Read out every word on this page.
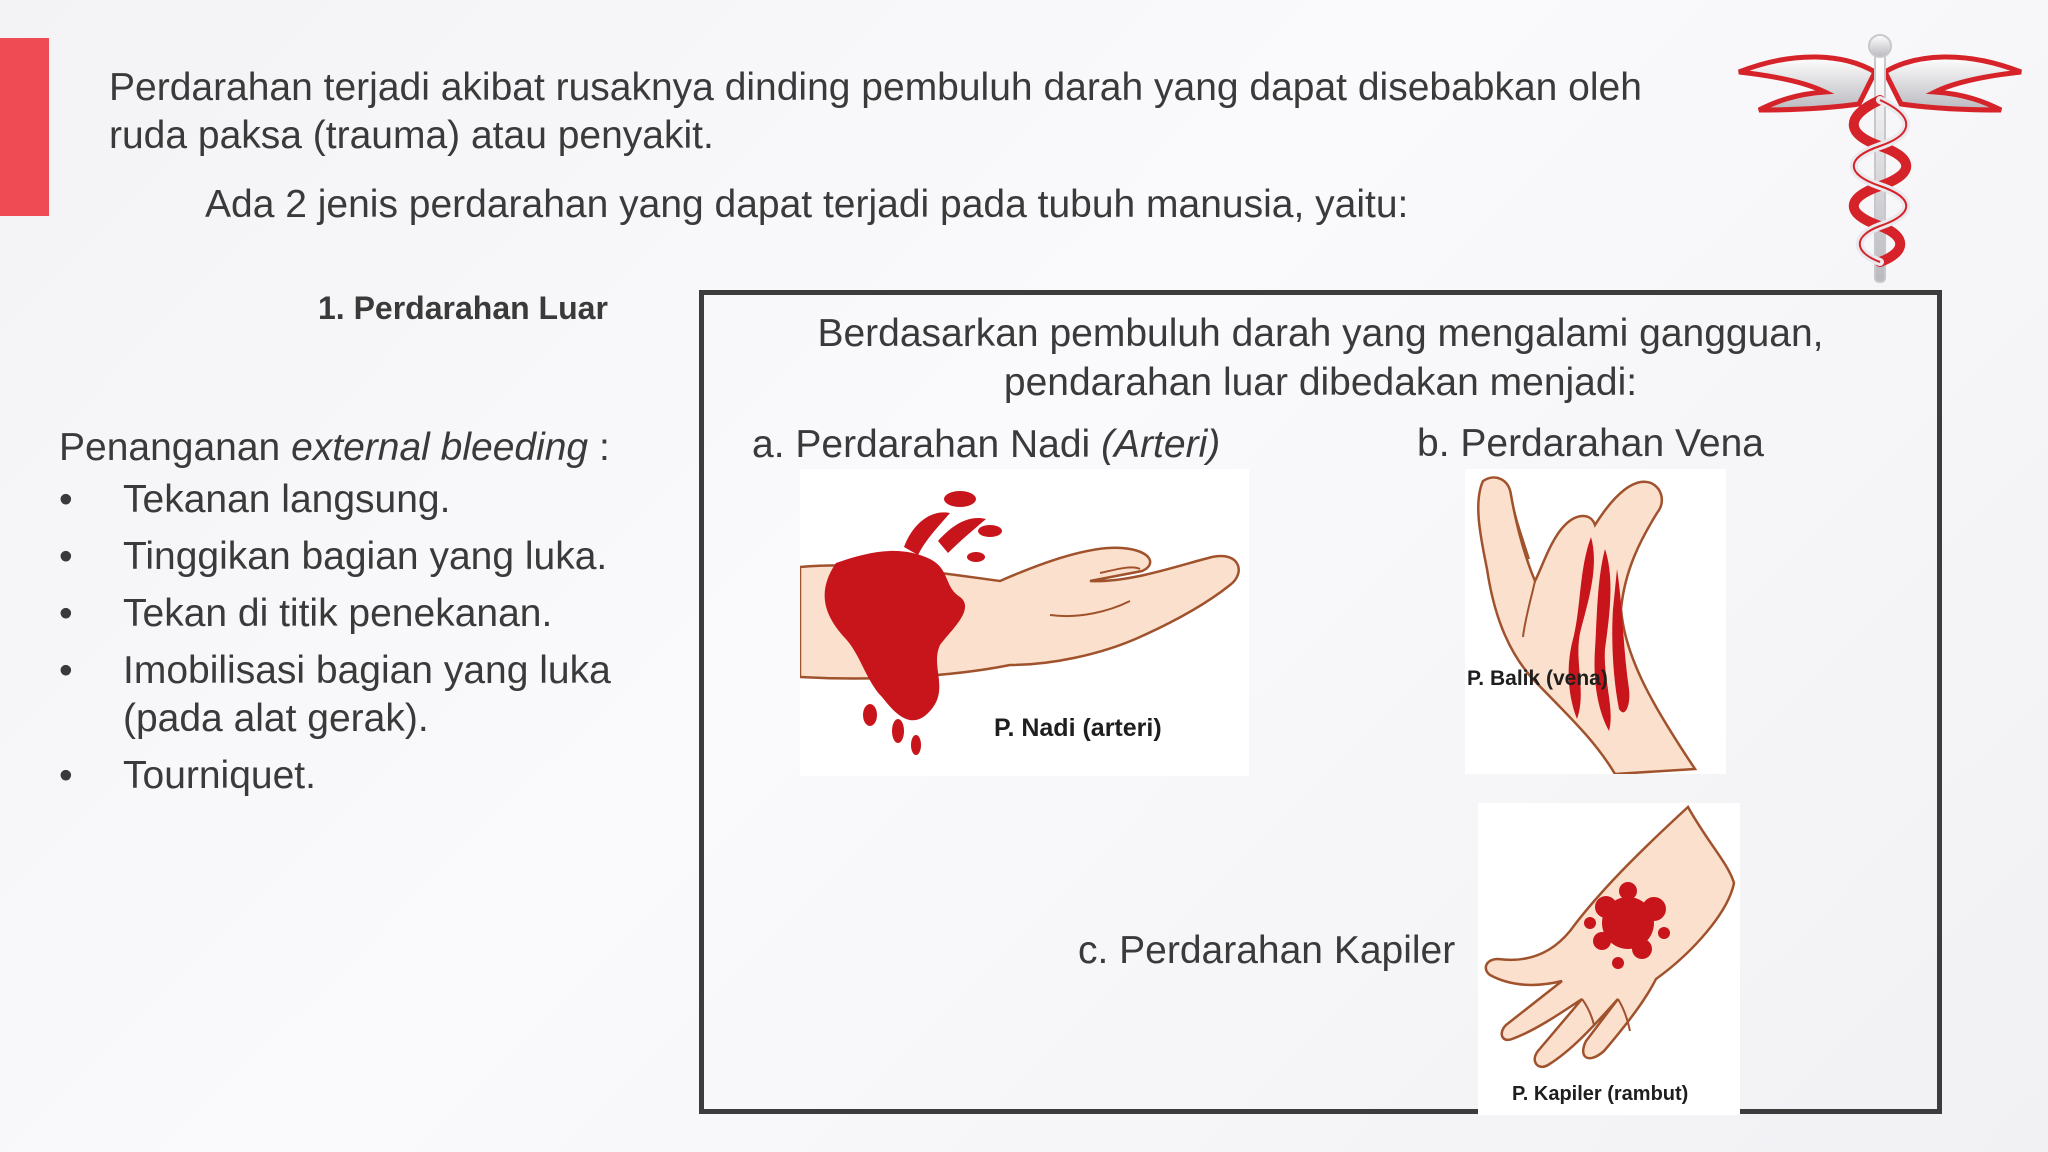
Perdarahan terjadi akibat rusaknya dinding pembuluh darah yang dapat disebabkan oleh ruda paksa (trauma) atau penyakit.

Ada 2 jenis perdarahan yang dapat terjadi pada tubuh manusia, yaitu:

1. Perdarahan Luar

Penanganan external bleeding :

• Tekanan langsung.
• Tinggikan bagian yang luka.
• Tekan di titik penekanan.
• Imobilisasi bagian yang luka (pada alat gerak).
• Tourniquet.

Berdasarkan pembuluh darah yang mengalami gangguan,
pendarahan luar dibedakan menjadi:

a. Perdarahan Nadi (Arteri)	b. Perdarahan Vena

c. Perdarahan Kapiler

P. Nadi (arteri)
P. Balik (vena)
P. Kapiler (rambut)
